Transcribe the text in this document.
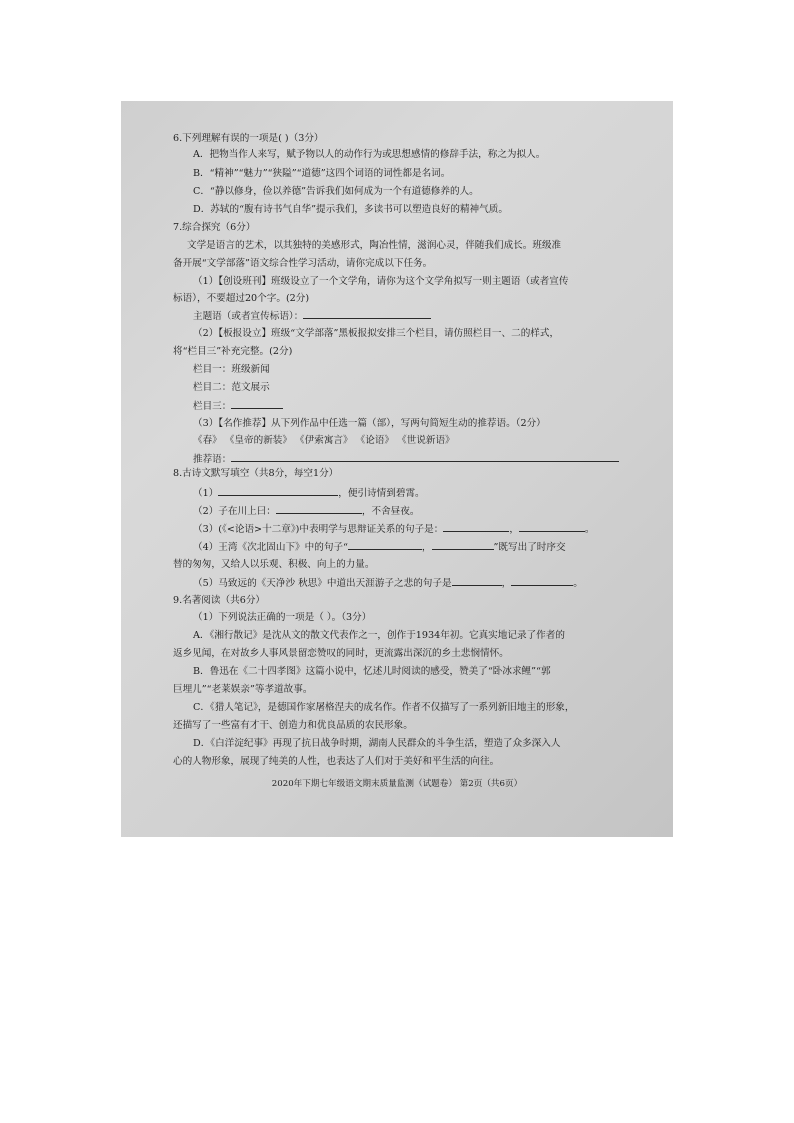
6.下列理解有误的一项是( )（3分）
A．把物当作人来写，赋予物以人的动作行为或思想感情的修辞手法，称之为拟人。
B．“精神”“魅力”“狭隘”“道德”这四个词语的词性都是名词。
C．“静以修身，俭以养德”告诉我们如何成为一个有道德修养的人。
D．苏轼的“腹有诗书气自华”提示我们，多读书可以塑造良好的精神气质。
7.综合探究（6分）
文学是语言的艺术，以其独特的美感形式，陶冶性情，滋润心灵，伴随我们成长。班级准
备开展“文学部落”语文综合性学习活动，请你完成以下任务。
（1）【创设班刊】班级设立了一个文学角，请你为这个文学角拟写一则主题语（或者宣传
标语），不要超过20个字。(2分)
主题语（或者宣传标语）：
（2）【板报设立】班级“文学部落”黑板报拟安排三个栏目，请仿照栏目一、二的样式，
将“栏目三”补充完整。(2分)
栏目一：班级新闻
栏目二：范文展示
栏目三：
（3）【名作推荐】从下列作品中任选一篇（部），写两句简短生动的推荐语。（2分）
《春》 《皇帝的新装》 《伊索寓言》 《论语》 《世说新语》
推荐语：
8.古诗文默写填空（共8分，每空1分）
（1）	，便引诗情到碧霄。
（2）子在川上曰：	，不舍昼夜。
（3）(《<论语>十二章》)中表明学与思辩证关系的句子是：	，	。
（4）王湾《次北固山下》中的句子“	，	”既写出了时序交
替的匆匆，又给人以乐观、积极、向上的力量。
（5）马致远的《天净沙 秋思》中道出天涯游子之悲的句子是	，	。
9.名著阅读（共6分）
（1）下列说法正确的一项是（ ）。（3分）
A．《湘行散记》是沈从文的散文代表作之一，创作于1934年初。它真实地记录了作者的
返乡见闻，在对故乡人事风景留恋赞叹的同时，更流露出深沉的乡土悲悯情怀。
B．鲁迅在《二十四孝图》这篇小说中，忆述儿时阅读的感受，赞美了“卧冰求鲤”“郭
巨埋儿”“老莱娱亲”等孝道故事。
C．《猎人笔记》，是德国作家屠格涅夫的成名作。作者不仅描写了一系列新旧地主的形象，
还描写了一些富有才干、创造力和优良品质的农民形象。
D．《白洋淀纪事》再现了抗日战争时期，湖南人民群众的斗争生活，塑造了众多深入人
心的人物形象，展现了纯美的人性，也表达了人们对于美好和平生活的向往。
2020年下期七年级语文期末质量监测（试题卷） 第2页（共6页）
